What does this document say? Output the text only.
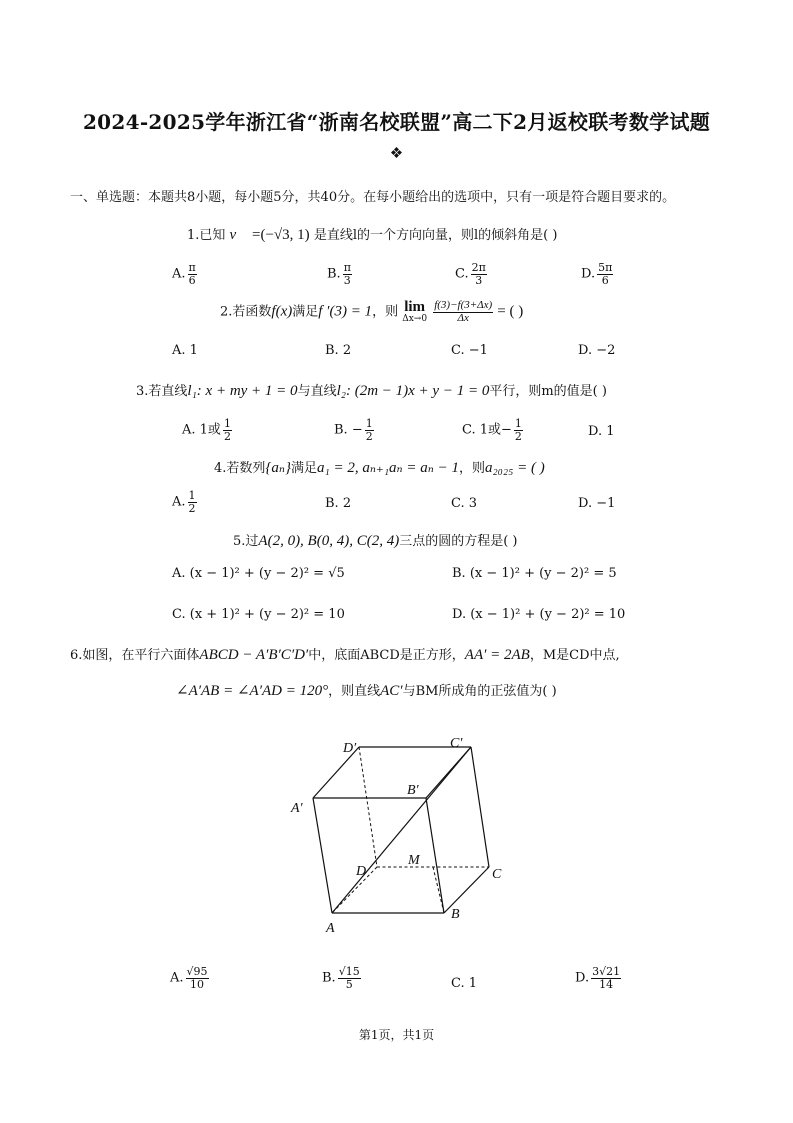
2024-2025学年浙江省“浙南名校联盟”高二下2月返校联考数学试题
❖
一、单选题：本题共8小题，每小题5分，共40分。在每小题给出的选项中，只有一项是符合题目要求的。
1.已知 v⃗ =(−√3, 1) 是直线l的一个方向向量，则l的倾斜角是( )
A. $\frac{\pi}{6}$	B. $\frac{\pi}{3}$	C. $\frac{2\pi}{3}$	D. $\frac{5\pi}{6}$
2.若函数f(x)满足f ′(3) = 1，则 lim
Δx→0
$\frac{f(3)-f(3+\Delta x)}{\Delta x}$ = ( )
A. 1	B. 2	C. −1	D. −2
3.若直线l₁: x + my + 1 = 0与直线l₂: (2m − 1)x + y − 1 = 0平行，则m的值是( )
A. 1或 $\frac{1}{2}$	B. − $\frac{1}{2}$	C. 1或− $\frac{1}{2}$	D. 1
4.若数列{aₙ}满足a₁ = 2, aₙ₊₁aₙ = aₙ − 1，则a₂₀₂₅ = ( )
A. $\frac{1}{2}$	B. 2	C. 3	D. −1
5.过A(2, 0), B(0, 4), C(2, 4)三点的圆的方程是( )
A. (x − 1)² + (y − 2)² = √5	B. (x − 1)² + (y − 2)² = 5
C. (x + 1)² + (y − 2)² = 10	D. (x − 1)² + (y − 2)² = 10
6.如图，在平行六面体ABCD − A′B′C′D′中，底面ABCD是正方形，AA′ = 2AB，M是CD中点,
∠A′AB = ∠A′AD = 120°，则直线AC′与BM所成角的正弦值为( )
D′	C′
B′
A′
D
M
C
B
A
A. $\frac{√95}{10}$	B. $\frac{√15}{5}$	C. 1	D. $\frac{3√21}{14}$
第1页，共1页
